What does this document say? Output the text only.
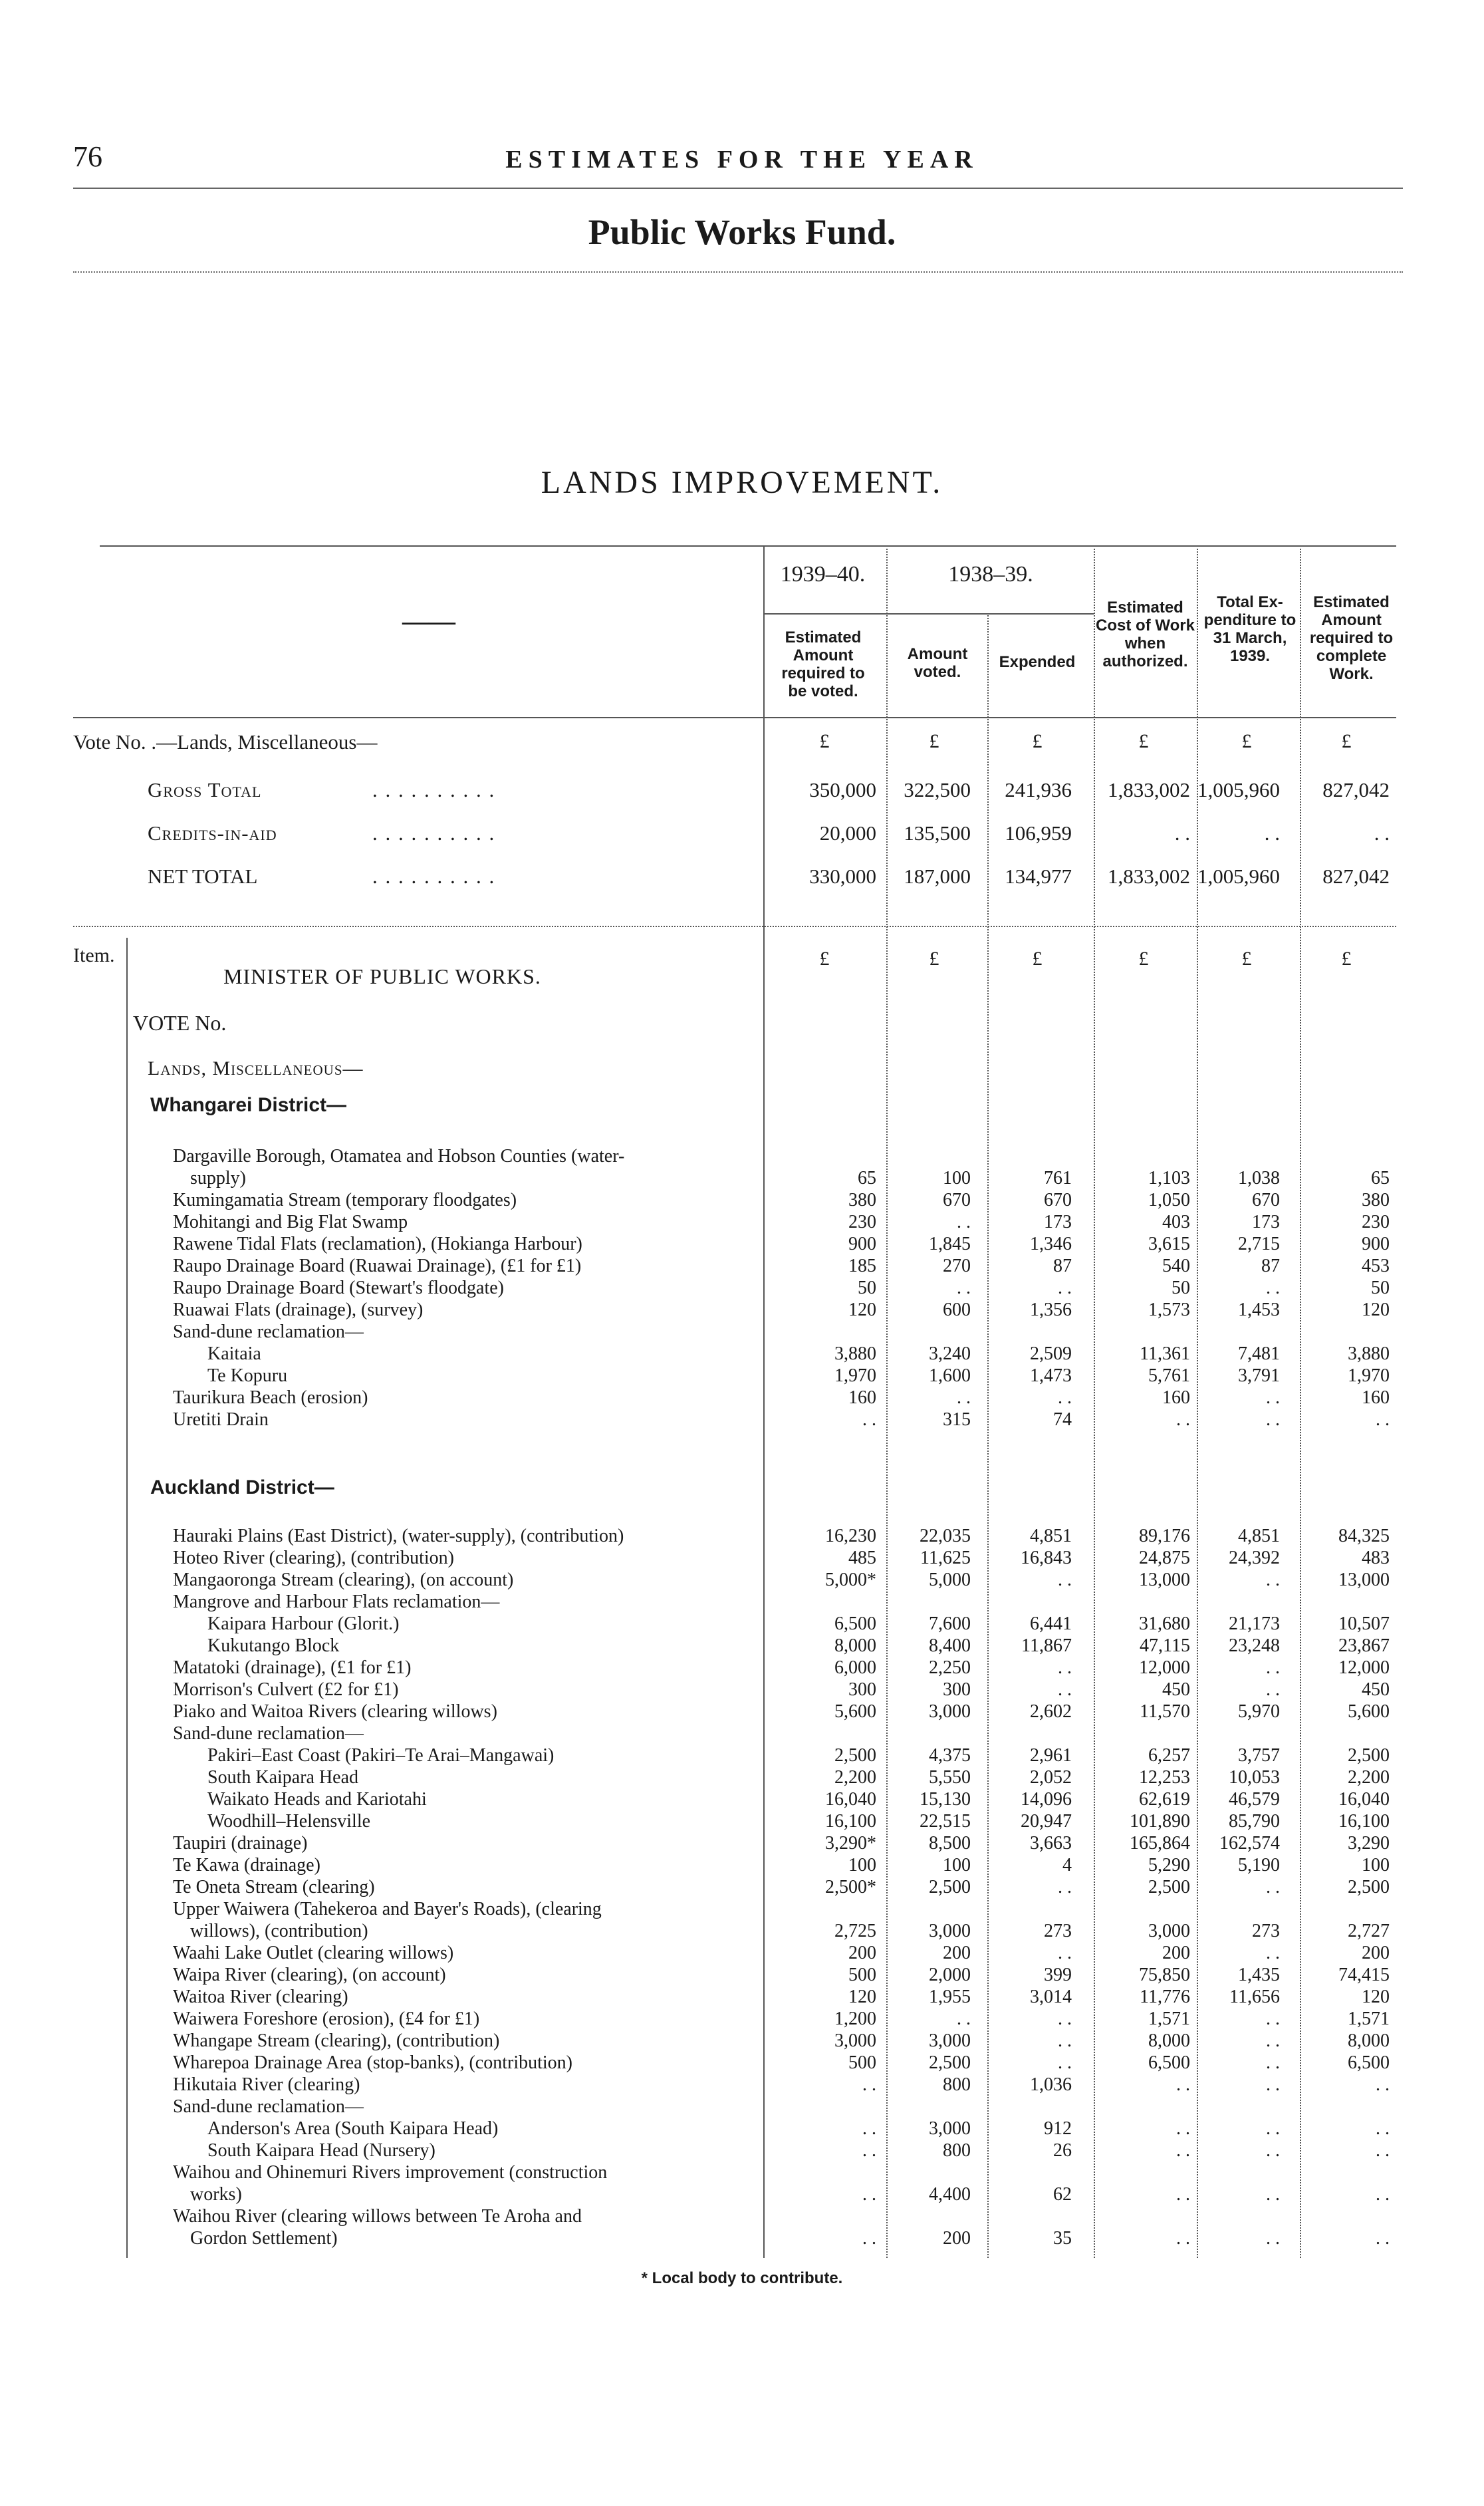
76	ESTIMATES FOR THE YEAR
Public Works Fund.
LANDS IMPROVEMENT.
——
1939–40.	1938–39.
Estimated Amount required to be voted.
Amount voted.
Expended
Estimated Cost of Work when authorized.
Total Ex-penditure to 31 March, 1939.
Estimated Amount required to complete Work.
Vote No. .—Lands, Miscellaneous—	£	£	£	£	£	£
Gross Total	. . . . . . . . . .	350,000 322,500 241,936 1,833,002 1,005,960 827,042
Credits-in-aid	. . . . . . . . . .	20,000 135,500 106,959	. .	. .	. .
NET TOTAL	. . . . . . . . . .	330,000 187,000 134,977 1,833,002 1,005,960 827,042
Item.
MINISTER OF PUBLIC WORKS.
VOTE No.
Lands, Miscellaneous—
£	£	£	£	£	£
Whangarei District—
Dargaville Borough, Otamatea and Hobson Counties (water-
supply)	65	100	761	1,103	1,038	65
Kumingamatia Stream (temporary floodgates)	380	670	670	1,050	670	380
Mohitangi and Big Flat Swamp	230	. .	173	403	173	230
Rawene Tidal Flats (reclamation), (Hokianga Harbour)	900	1,845	1,346	3,615	2,715	900
Raupo Drainage Board (Ruawai Drainage), (£1 for £1)	185	270	87	540	87	453
Raupo Drainage Board (Stewart's floodgate)	50	. .	. .	50	. .	50
Ruawai Flats (drainage), (survey)	120	600	1,356	1,573	1,453	120
Sand-dune reclamation—
Kaitaia	3,880	3,240	2,509	11,361	7,481	3,880
Te Kopuru	1,970	1,600	1,473	5,761	3,791	1,970
Taurikura Beach (erosion)	160	. .	. .	160	. .	160
Uretiti Drain	. .	315	74	. .	. .	. .
Auckland District—
Hauraki Plains (East District), (water-supply), (contribution)	16,230 22,035	4,851	89,176	4,851	84,325
Hoteo River (clearing), (contribution)	485 11,625	16,843	24,875 24,392	483
Mangaoronga Stream (clearing), (on account)	5,000*	5,000	. .	13,000	. .	13,000
Mangrove and Harbour Flats reclamation—
Kaipara Harbour (Glorit.)	6,500	7,600	6,441	31,680 21,173	10,507
Kukutango Block	8,000	8,400	11,867	47,115 23,248	23,867
Matatoki (drainage), (£1 for £1)	6,000	2,250	. .	12,000	. .	12,000
Morrison's Culvert (£2 for £1)	300	300	. .	450	. .	450
Piako and Waitoa Rivers (clearing willows)	5,600	3,000	2,602	11,570	5,970	5,600
Sand-dune reclamation—
Pakiri–East Coast (Pakiri–Te Arai–Mangawai)	2,500	4,375	2,961	6,257	3,757	2,500
South Kaipara Head	2,200	5,550	2,052	12,253 10,053	2,200
Waikato Heads and Kariotahi	16,040 15,130	14,096	62,619 46,579	16,040
Woodhill–Helensville	16,100 22,515	20,947	101,890 85,790	16,100
Taupiri (drainage)	3,290*	8,500	3,663	165,864 162,574	3,290
Te Kawa (drainage)	100	100	4	5,290	5,190	100
Te Oneta Stream (clearing)	2,500*	2,500	. .	2,500	. .	2,500
Upper Waiwera (Tahekeroa and Bayer's Roads), (clearing
willows), (contribution)	2,725	3,000	273	3,000	273	2,727
Waahi Lake Outlet (clearing willows)	200	200	. .	200	. .	200
Waipa River (clearing), (on account)	500	2,000	399	75,850	1,435	74,415
Waitoa River (clearing)	120	1,955	3,014	11,776 11,656	120
Waiwera Foreshore (erosion), (£4 for £1)	1,200	. .	. .	1,571	. .	1,571
Whangape Stream (clearing), (contribution)	3,000	3,000	. .	8,000	. .	8,000
Wharepoa Drainage Area (stop-banks), (contribution)	500	2,500	. .	6,500	. .	6,500
Hikutaia River (clearing)	. .	800	1,036	. .	. .	. .
Sand-dune reclamation—
Anderson's Area (South Kaipara Head)	. .	3,000	912	. .	. .	. .
South Kaipara Head (Nursery)	. .	800	26	. .	. .	. .
Waihou and Ohinemuri Rivers improvement (construction
works)	. .	4,400	62	. .	. .	. .
Waihou River (clearing willows between Te Aroha and
Gordon Settlement)	. .	200	35	. .	. .	. .
* Local body to contribute.
